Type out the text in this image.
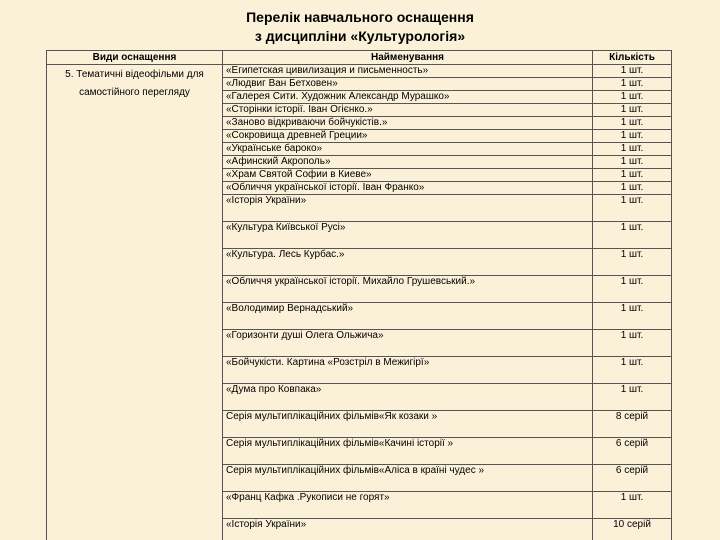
Перелік навчального оснащення
з дисципліни «Культурологія»
Види оснащення	Найменування	Кількість
5. Тематичні відеофільми для самостійного перегляду	«Египетская цивилизация и письменность»	1 шт.
	«Людвиг Ван Бетховен»	1 шт.
	«Галерея Сити. Художник Александр Мурашко»	1 шт.
	«Сторінки історії. Іван Огієнко.»	1 шт.
	«Заново відкриваючи бойчукістів.»	1 шт.
	«Сокровища древней Греции»	1 шт.
	«Українське бароко»	1 шт.
	«Афинский Акрополь»	1 шт.
	«Храм Святой Софии в Киеве»	1 шт.
	«Обличчя української історії. Іван Франко»	1 шт.
	«Історія України»	1 шт.
	«Культура Київської Русі»	1 шт.
	«Культура. Лесь Курбас.»	1 шт.
	«Обличчя української історії. Михайло Грушевський.»	1 шт.
	«Володимир Вернадський»	1 шт.
	«Горизонти душі Олега Ольжича»	1 шт.
	«Бойчукісти. Картина «Розстріл в Межигірї»	1 шт.
	«Дума про Ковпака»	1 шт.
	Серія мультиплікаційних фільмів«Як козаки »	8 серій
	Серія мультиплікаційних фільмів«Качині історії »	6 серій
	Серія мультиплікаційних фільмів«Аліса в країні чудес »	6 серій
	«Франц Кафка .Рукописи не горят»	1 шт.
	«Історія України»	10 серій
